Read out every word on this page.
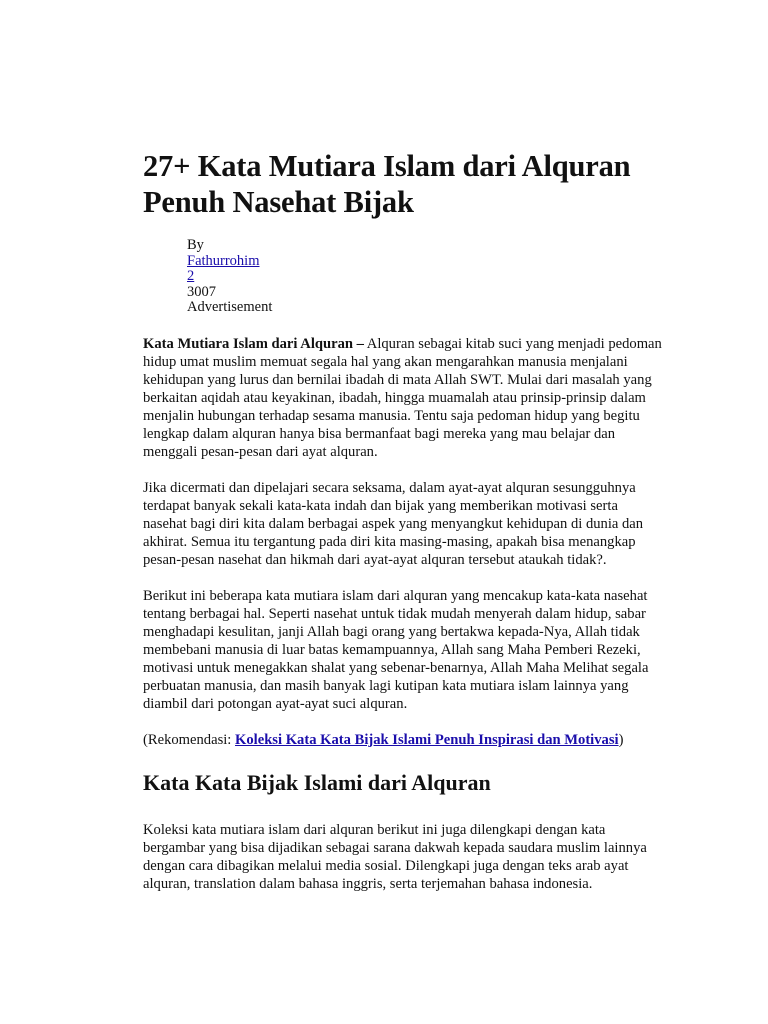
27+ Kata Mutiara Islam dari Alquran Penuh Nasehat Bijak
By
Fathurrohim
2
3007
Advertisement

Kata Mutiara Islam dari Alquran – Alquran sebagai kitab suci yang menjadi pedoman hidup umat muslim memuat segala hal yang akan mengarahkan manusia menjalani kehidupan yang lurus dan bernilai ibadah di mata Allah SWT. Mulai dari masalah yang berkaitan aqidah atau keyakinan, ibadah, hingga muamalah atau prinsip-prinsip dalam menjalin hubungan terhadap sesama manusia. Tentu saja pedoman hidup yang begitu lengkap dalam alquran hanya bisa bermanfaat bagi mereka yang mau belajar dan menggali pesan-pesan dari ayat alquran.

Jika dicermati dan dipelajari secara seksama, dalam ayat-ayat alquran sesungguhnya terdapat banyak sekali kata-kata indah dan bijak yang memberikan motivasi serta nasehat bagi diri kita dalam berbagai aspek yang menyangkut kehidupan di dunia dan akhirat. Semua itu tergantung pada diri kita masing-masing, apakah bisa menangkap pesan-pesan nasehat dan hikmah dari ayat-ayat alquran tersebut ataukah tidak?.

Berikut ini beberapa kata mutiara islam dari alquran yang mencakup kata-kata nasehat tentang berbagai hal. Seperti nasehat untuk tidak mudah menyerah dalam hidup, sabar menghadapi kesulitan, janji Allah bagi orang yang bertakwa kepada-Nya, Allah tidak membebani manusia di luar batas kemampuannya, Allah sang Maha Pemberi Rezeki, motivasi untuk menegakkan shalat yang sebenar-benarnya, Allah Maha Melihat segala perbuatan manusia, dan masih banyak lagi kutipan kata mutiara islam lainnya yang diambil dari potongan ayat-ayat suci alquran.

(Rekomendasi: Koleksi Kata Kata Bijak Islami Penuh Inspirasi dan Motivasi)

Kata Kata Bijak Islami dari Alquran

Koleksi kata mutiara islam dari alquran berikut ini juga dilengkapi dengan kata bergambar yang bisa dijadikan sebagai sarana dakwah kepada saudara muslim lainnya dengan cara dibagikan melalui media sosial. Dilengkapi juga dengan teks arab ayat alquran, translation dalam bahasa inggris, serta terjemahan bahasa indonesia.
